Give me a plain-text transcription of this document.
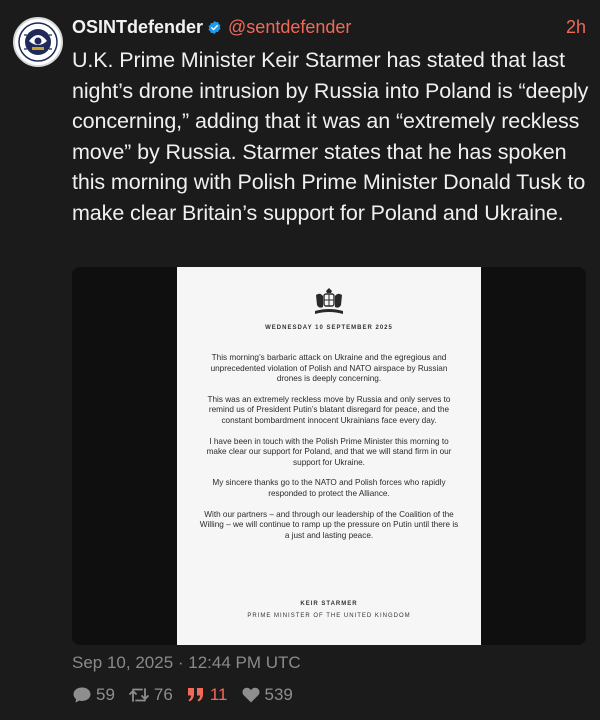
OSINTdefender @sentdefender	2h
U.K. Prime Minister Keir Starmer has stated that last night’s drone intrusion by Russia into Poland is “deeply concerning,” adding that it was an “extremely reckless move” by Russia. Starmer states that he has spoken this morning with Polish Prime Minister Donald Tusk to make clear Britain’s support for Poland and Ukraine.
WEDNESDAY 10 SEPTEMBER 2025

This morning’s barbaric attack on Ukraine and the egregious and unprecedented violation of Polish and NATO airspace by Russian drones is deeply concerning.

This was an extremely reckless move by Russia and only serves to remind us of President Putin’s blatant disregard for peace, and the constant bombardment innocent Ukrainians face every day.

I have been in touch with the Polish Prime Minister this morning to make clear our support for Poland, and that we will stand firm in our support for Ukraine.

My sincere thanks go to the NATO and Polish forces who rapidly responded to protect the Alliance.

With our partners – and through our leadership of the Coalition of the Willing – we will continue to ramp up the pressure on Putin until there is a just and lasting peace.

KEIR STARMER
PRIME MINISTER OF THE UNITED KINGDOM
Sep 10, 2025 · 12:44 PM UTC
59 76 11 539
